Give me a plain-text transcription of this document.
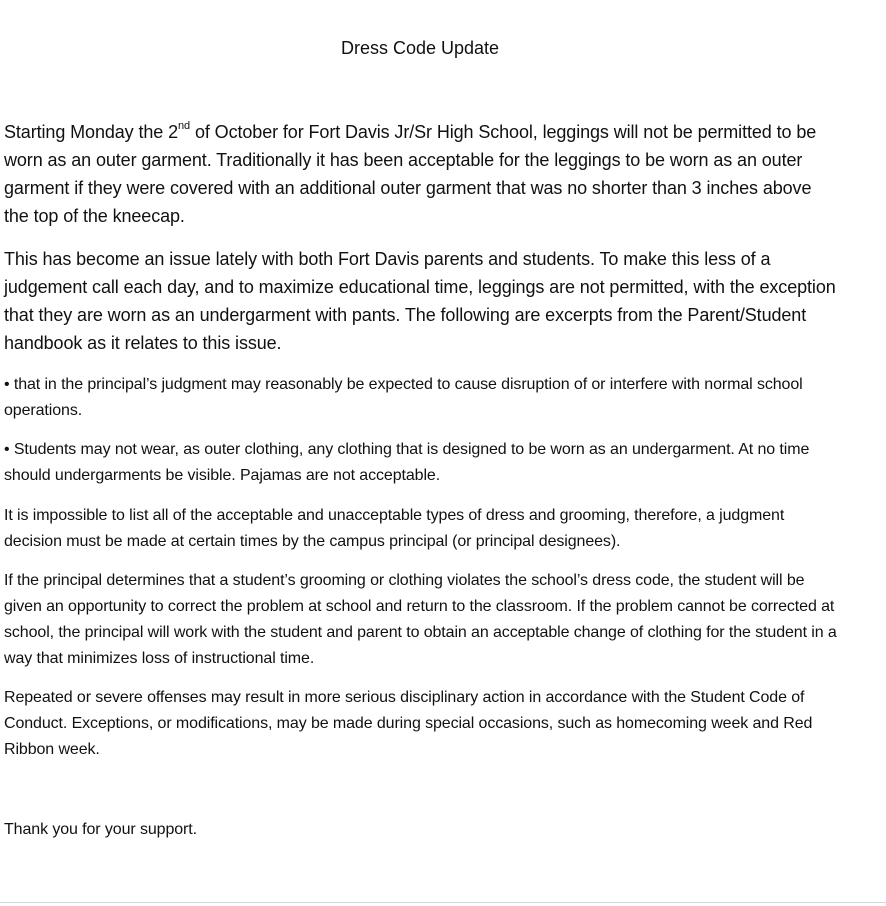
Dress Code Update

Starting Monday the 2nd of October for Fort Davis Jr/Sr High School, leggings will not be permitted to be worn as an outer garment. Traditionally it has been acceptable for the leggings to be worn as an outer garment if they were covered with an additional outer garment that was no shorter than 3 inches above the top of the kneecap.

This has become an issue lately with both Fort Davis parents and students. To make this less of a judgement call each day, and to maximize educational time, leggings are not permitted, with the exception that they are worn as an undergarment with pants. The following are excerpts from the Parent/Student handbook as it relates to this issue.

• that in the principal’s judgment may reasonably be expected to cause disruption of or interfere with normal school operations.

• Students may not wear, as outer clothing, any clothing that is designed to be worn as an undergarment. At no time should undergarments be visible. Pajamas are not acceptable.

It is impossible to list all of the acceptable and unacceptable types of dress and grooming, therefore, a judgment decision must be made at certain times by the campus principal (or principal designees).

If the principal determines that a student’s grooming or clothing violates the school’s dress code, the student will be given an opportunity to correct the problem at school and return to the classroom. If the problem cannot be corrected at school, the principal will work with the student and parent to obtain an acceptable change of clothing for the student in a way that minimizes loss of instructional time.

Repeated or severe offenses may result in more serious disciplinary action in accordance with the Student Code of Conduct. Exceptions, or modifications, may be made during special occasions, such as homecoming week and Red Ribbon week.

Thank you for your support.
